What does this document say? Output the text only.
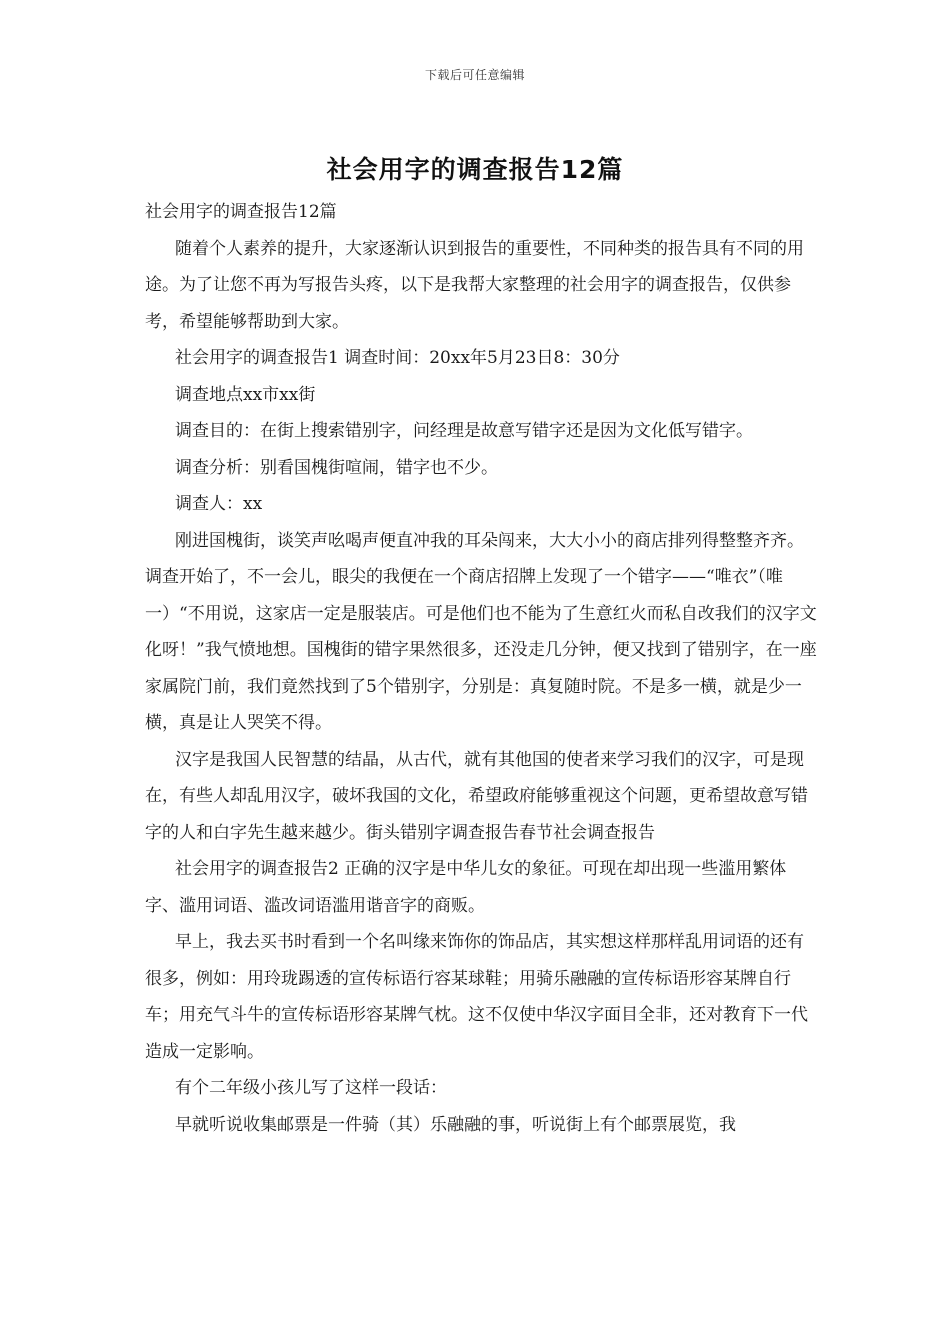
下载后可任意编辑
社会用字的调查报告12篇

社会用字的调查报告12篇

随着个人素养的提升，大家逐渐认识到报告的重要性，不同种类的报告具有不同的用途。为了让您不再为写报告头疼，以下是我帮大家整理的社会用字的调查报告，仅供参考，希望能够帮助到大家。

社会用字的调查报告1 调查时间：20xx年5月23日8：30分

调查地点xx市xx街

调查目的：在街上搜索错别字，问经理是故意写错字还是因为文化低写错字。

调查分析：别看国槐街喧闹，错字也不少。

调查人：xx

刚进国槐街，谈笑声吆喝声便直冲我的耳朵闯来，大大小小的商店排列得整整齐齐。调查开始了，不一会儿，眼尖的我便在一个商店招牌上发现了一个错字——“唯衣”（唯一）“不用说，这家店一定是服装店。可是他们也不能为了生意红火而私自改我们的汉字文化呀！”我气愤地想。国槐街的错字果然很多，还没走几分钟，便又找到了错别字，在一座家属院门前，我们竟然找到了5个错别字，分别是：真复随时院。不是多一横，就是少一横，真是让人哭笑不得。

汉字是我国人民智慧的结晶，从古代，就有其他国的使者来学习我们的汉字，可是现在，有些人却乱用汉字，破坏我国的文化，希望政府能够重视这个问题，更希望故意写错字的人和白字先生越来越少。街头错别字调查报告春节社会调查报告

社会用字的调查报告2 正确的汉字是中华儿女的象征。可现在却出现一些滥用繁体字、滥用词语、滥改词语滥用谐音字的商贩。

早上，我去买书时看到一个名叫缘来饰你的饰品店，其实想这样那样乱用词语的还有很多，例如：用玲珑踢透的宣传标语行容某球鞋；用骑乐融融的宣传标语形容某牌自行车；用充气斗牛的宣传标语形容某牌气枕。这不仅使中华汉字面目全非，还对教育下一代造成一定影响。

有个二年级小孩儿写了这样一段话：

早就听说收集邮票是一件骑（其）乐融融的事，听说街上有个邮票展览，我
